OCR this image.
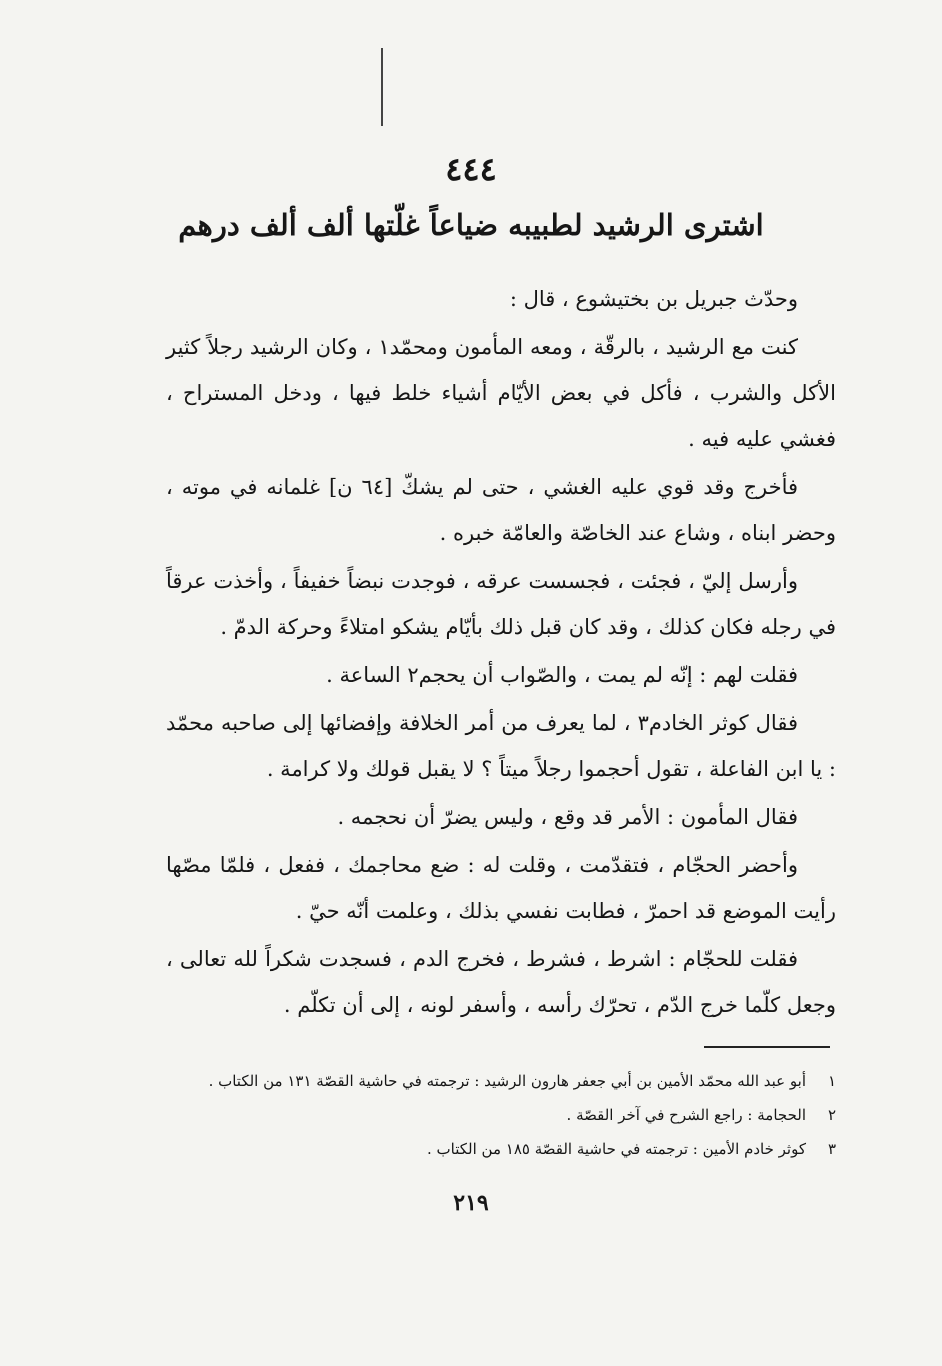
٤٤٤
اشترى الرشيد لطبيبه ضياعاً غلّتها ألف ألف درهم

وحدّث جبريل بن بختيشوع ، قال :

كنت مع الرشيد ، بالرقّة ، ومعه المأمون ومحمّد١ ، وكان الرشيد رجلاً كثير الأكل والشرب ، فأكل في بعض الأيّام أشياء خلط فيها ، ودخل المستراح ، فغشي عليه فيه .

فأخرج وقد قوي عليه الغشي ، حتى لم يشكّ [٦٤ ن] غلمانه في موته ، وحضر ابناه ، وشاع عند الخاصّة والعامّة خبره .

وأرسل إليّ ، فجئت ، فجسست عرقه ، فوجدت نبضاً خفيفاً ، وأخذت عرقاً في رجله فكان كذلك ، وقد كان قبل ذلك بأيّام يشكو امتلاءً وحركة الدمّ .

فقلت لهم : إنّه لم يمت ، والصّواب أن يحجم٢ الساعة .

فقال كوثر الخادم٣ ، لما يعرف من أمر الخلافة وإفضائها إلى صاحبه محمّد : يا ابن الفاعلة ، تقول أحجموا رجلاً ميتاً ؟ لا يقبل قولك ولا كرامة .

فقال المأمون : الأمر قد وقع ، وليس يضرّ أن نحجمه .

وأحضر الحجّام ، فتقدّمت ، وقلت له : ضع محاجمك ، ففعل ، فلمّا مصّها رأيت الموضع قد احمرّ ، فطابت نفسي بذلك ، وعلمت أنّه حيّ .

فقلت للحجّام : اشرط ، فشرط ، فخرج الدم ، فسجدت شكراً لله تعالى ، وجعل كلّما خرج الدّم ، تحرّك رأسه ، وأسفر لونه ، إلى أن تكلّم .

١
أبو عبد الله محمّد الأمين بن أبي جعفر هارون الرشيد : ترجمته في حاشية القصّة ١٣١ من الكتاب .
٢
الحجامة : راجع الشرح في آخر القصّة .
٣
كوثر خادم الأمين : ترجمته في حاشية القصّة ١٨٥ من الكتاب .
٢١٩
